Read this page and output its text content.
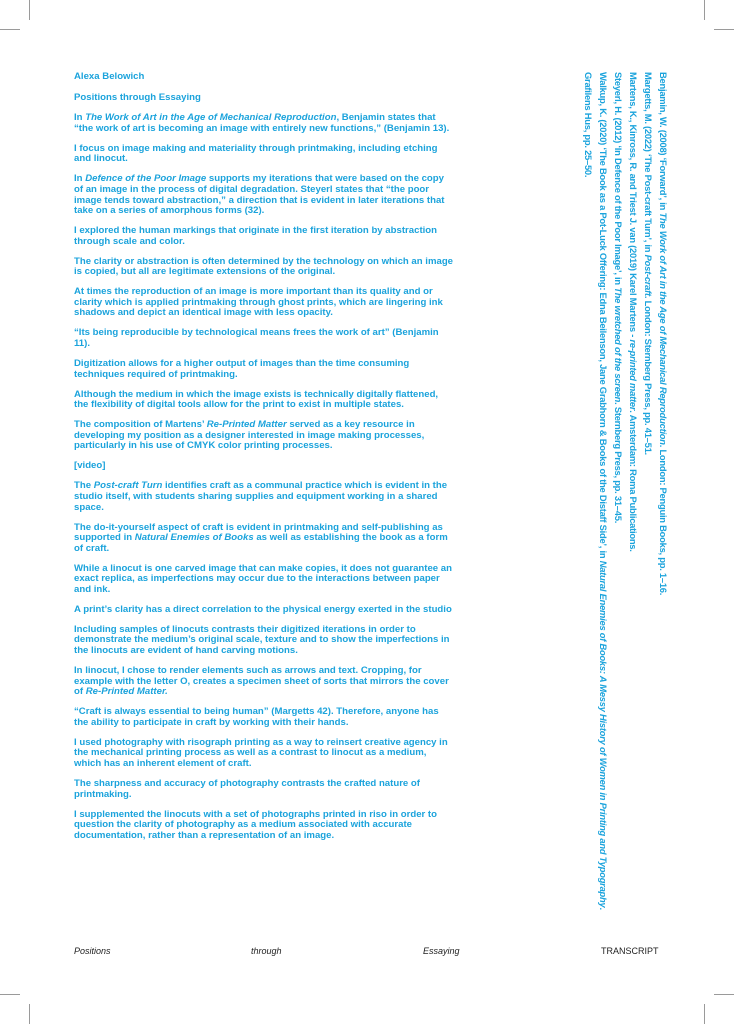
Alexa Belowich

Positions through Essaying

In The Work of Art in the Age of Mechanical Reproduction, Benjamin states that “the work of art is becoming an image with entirely new functions,” (Benjamin 13).

I focus on image making and materiality through printmaking, including etching and linocut.

In Defence of the Poor Image supports my iterations that were based on the copy of an image in the process of digital degradation. Steyerl states that “the poor image tends toward abstraction,” a direction that is evident in later iterations that take on a series of amorphous forms (32).

I explored the human markings that originate in the first iteration by abstraction through scale and color.

The clarity or abstraction is often determined by the technology on which an image is copied, but all are legitimate extensions of the original.

At times the reproduction of an image is more important than its quality and or clarity which is applied printmaking through ghost prints, which are lingering ink shadows and depict an identical image with less opacity.

“Its being reproducible by technological means frees the work of art” (Benjamin 11).

Digitization allows for a higher output of images than the time consuming techniques required of printmaking.

Although the medium in which the image exists is technically digitally flattened, the flexibility of digital tools allow for the print to exist in multiple states.

The composition of Martens’ Re-Printed Matter served as a key resource in developing my position as a designer interested in image making processes, particularly in his use of CMYK color printing processes.

[video]

The Post-craft Turn identifies craft as a communal practice which is evident in the studio itself, with students sharing supplies and equipment working in a shared space.

The do-it-yourself aspect of craft is evident in printmaking and self-publishing as supported in Natural Enemies of Books as well as establishing the book as a form of craft.

While a linocut is one carved image that can make copies, it does not guarantee an exact replica, as imperfections may occur due to the interactions between paper and ink.

A print’s clarity has a direct correlation to the physical energy exerted in the studio

Including samples of linocuts contrasts their digitized iterations in order to demonstrate the medium’s original scale, texture and to show the imperfections in the linocuts are evident of hand carving motions.

In linocut, I chose to render elements such as arrows and text. Cropping, for example with the letter O, creates a specimen sheet of sorts that mirrors the cover of Re-Printed Matter.

“Craft is always essential to being human” (Margetts 42). Therefore, anyone has the ability to participate in craft by working with their hands.

I used photography with risograph printing as a way to reinsert creative agency in the mechanical printing process as well as a contrast to linocut as a medium, which has an inherent element of craft.

The sharpness and accuracy of photography contrasts the crafted nature of printmaking.

I supplemented the linocuts with a set of photographs printed in riso in order to question the clarity of photography as a medium associated with accurate documentation, rather than a representation of an image.

Benjamin, W. (2008) ‘Forward’, in The Work of Art in the Age of Mechanical Reproduction. London: Penguin Books, pp. 1–16.
Margetts, M. (2022) ‘The Post-craft Turn’, in Post-craft. London: Sternberg Press, pp. 41–51.
Martens, K., Kinross, R. and Triest J. van (2019) Karel Martens - re-printed matter. Amsterdam: Roma Publications.
Steyerl, H. (2012) ‘In Defence of the Poor Image’, in The wretched of the screen. Sternberg Press, pp. 31–45.
Walkup, K. (2020) ‘The Book as a Pot-Luck Offering: Edna Beilenson, Jane Grabhorn & Books of the Distaff Side’, in Natural Enemies of Books: A Messy History of Women in Printing and Typography.
Grafilens Hus, pp. 25–50.
Positions	through	Essaying	TRANSCRIPT
